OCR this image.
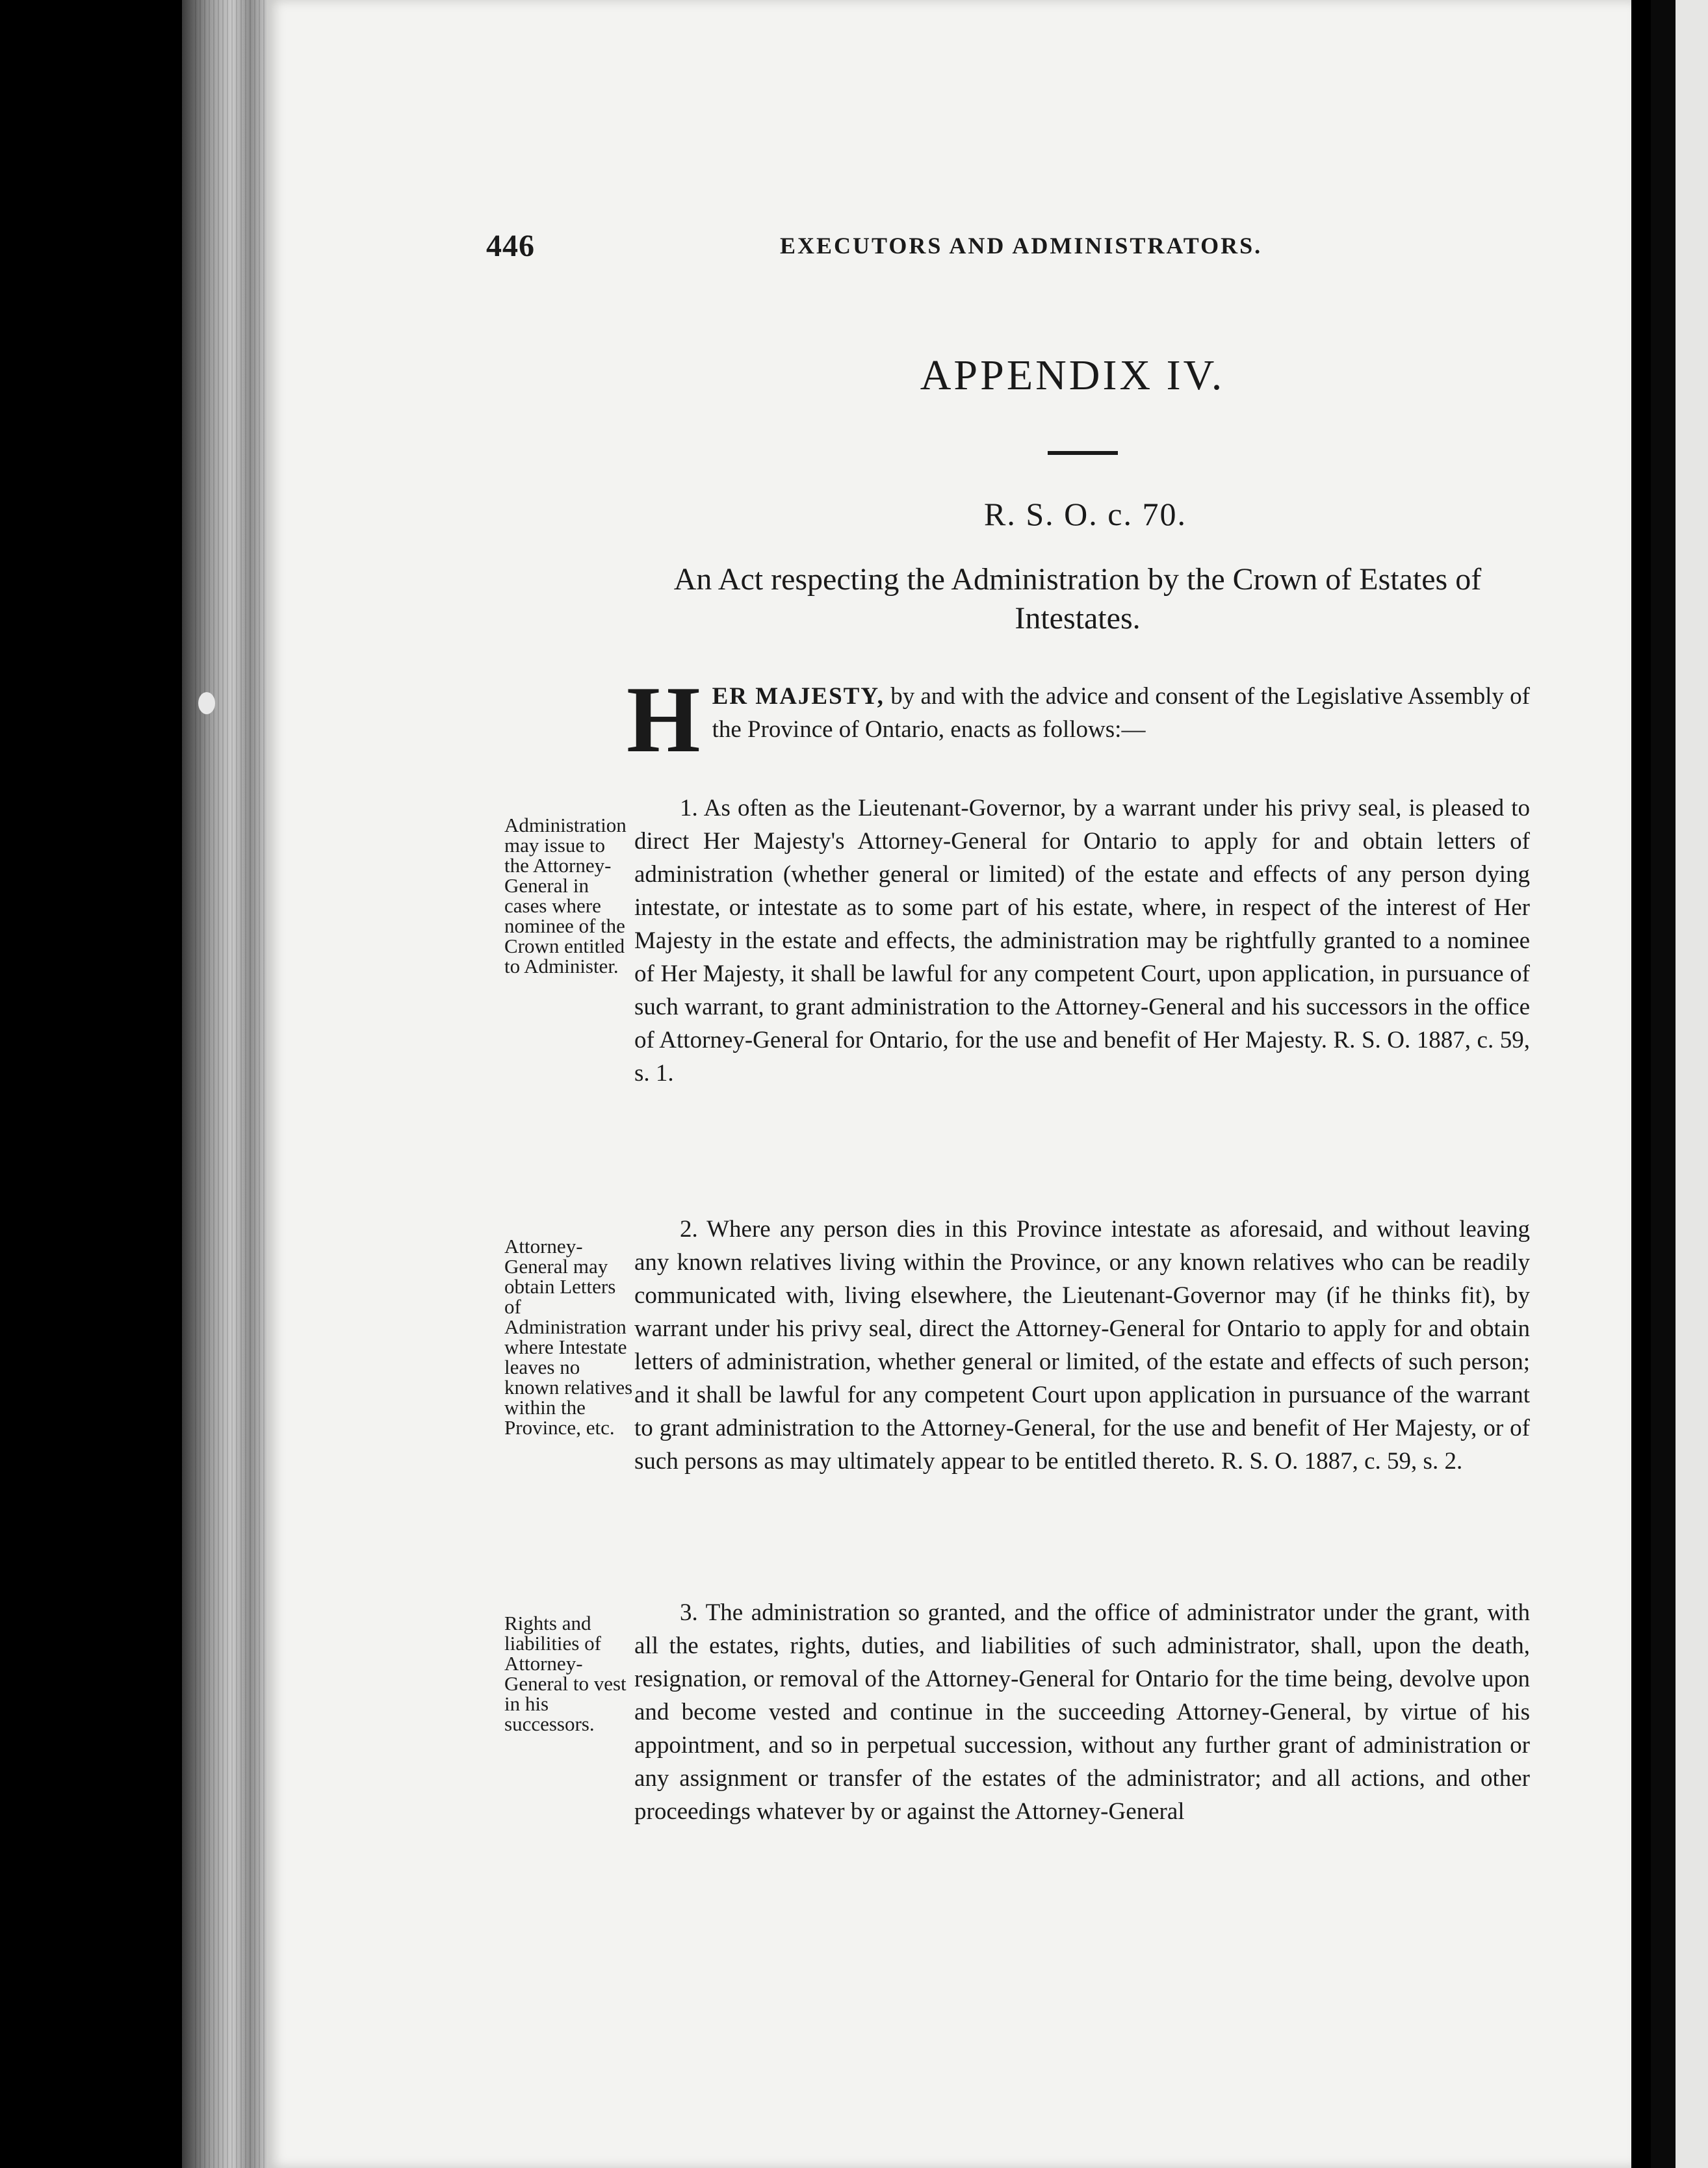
446	EXECUTORS AND ADMINISTRATORS.
APPENDIX IV.
R. S. O. c. 70.
An Act respecting the Administration by the Crown of Estates of Intestates.
HER MAJESTY, by and with the advice and consent of the Legislative Assembly of the Province of Ontario, enacts as follows:—
Administration may issue to the Attorney-General in cases where nominee of the Crown entitled to Administer.
1. As often as the Lieutenant-Governor, by a warrant under his privy seal, is pleased to direct Her Majesty's Attorney-General for Ontario to apply for and obtain letters of administration (whether general or limited) of the estate and effects of any person dying intestate, or intestate as to some part of his estate, where, in respect of the interest of Her Majesty in the estate and effects, the administration may be rightfully granted to a nominee of Her Majesty, it shall be lawful for any competent Court, upon application, in pursuance of such warrant, to grant administration to the Attorney-General and his successors in the office of Attorney-General for Ontario, for the use and benefit of Her Majesty. R. S. O. 1887, c. 59, s. 1.
Attorney-General may obtain Letters of Administration where Intestate leaves no known relatives within the Province, etc.
2. Where any person dies in this Province intestate as aforesaid, and without leaving any known relatives living within the Province, or any known relatives who can be readily communicated with, living elsewhere, the Lieutenant-Governor may (if he thinks fit), by warrant under his privy seal, direct the Attorney-General for Ontario to apply for and obtain letters of administration, whether general or limited, of the estate and effects of such person; and it shall be lawful for any competent Court upon application in pursuance of the warrant to grant administration to the Attorney-General, for the use and benefit of Her Majesty, or of such persons as may ultimately appear to be entitled thereto. R. S. O. 1887, c. 59, s. 2.
Rights and liabilities of Attorney-General to vest in his successors.
3. The administration so granted, and the office of administrator under the grant, with all the estates, rights, duties, and liabilities of such administrator, shall, upon the death, resignation, or removal of the Attorney-General for Ontario for the time being, devolve upon and become vested and continue in the succeeding Attorney-General, by virtue of his appointment, and so in perpetual succession, without any further grant of administration or any assignment or transfer of the estates of the administrator; and all actions, and other proceedings whatever by or against the Attorney-General
